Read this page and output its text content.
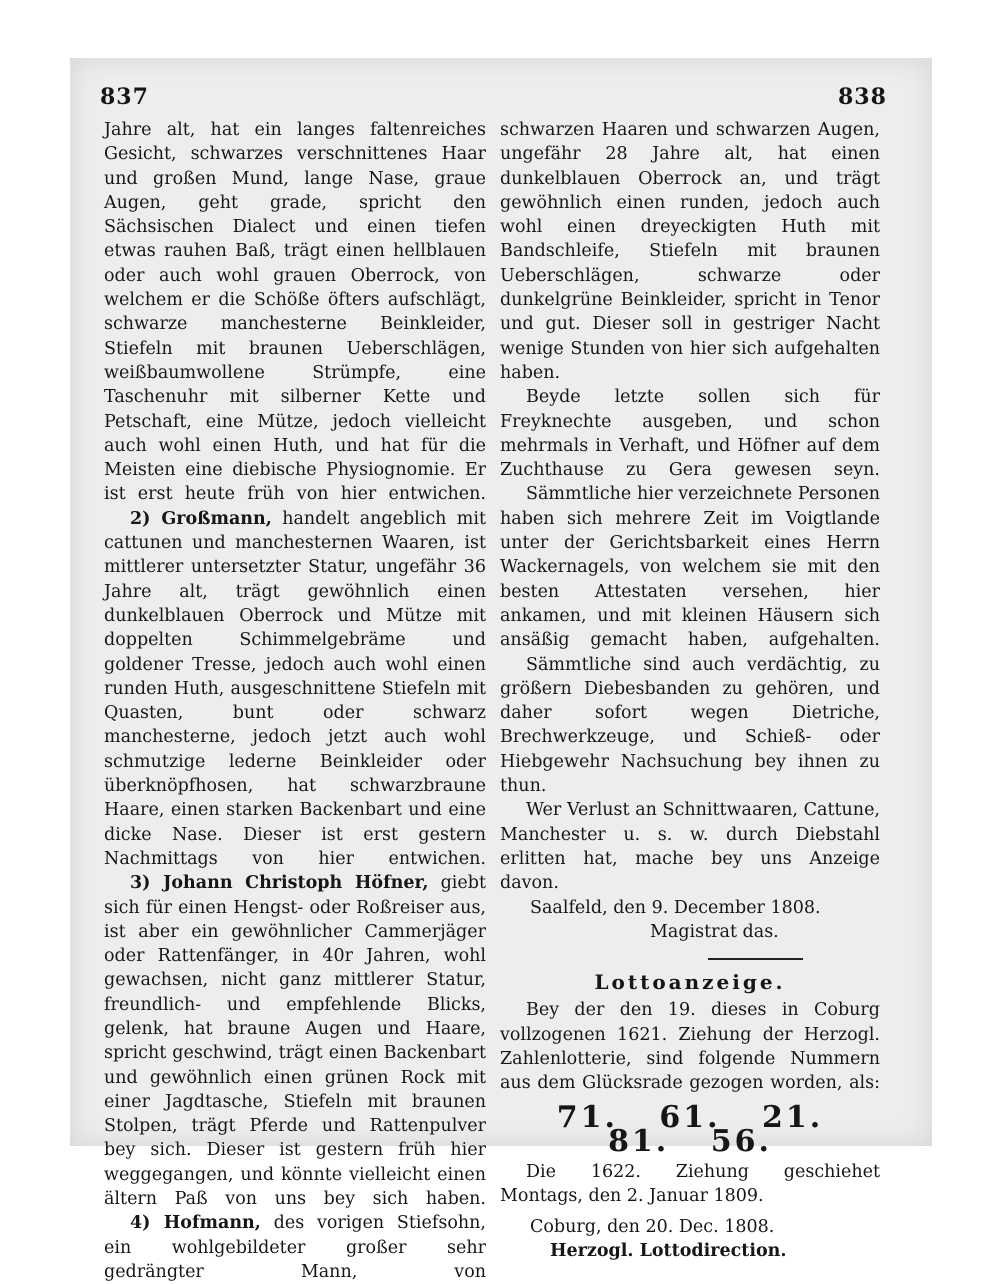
837	838

Jahre alt, hat ein langes faltenreiches Gesicht, schwarzes verschnittenes Haar und großen Mund, lange Nase, graue Augen, geht grade, spricht den Sächsischen Dialect und einen tiefen etwas rauhen Baß, trägt einen hellblauen oder auch wohl grauen Oberrock, von welchem er die Schöße öfters aufschlägt, schwarze manchesterne Beinkleider, Stiefeln mit braunen Ueberschlägen, weißbaumwollene Strümpfe, eine Taschenuhr mit silberner Kette und Petschaft, eine Mütze, jedoch vielleicht auch wohl einen Huth, und hat für die Meisten eine diebische Physiognomie. Er ist erst heute früh von hier entwichen.

2) Großmann, handelt angeblich mit cattunen und manchesternen Waaren, ist mittlerer untersetzter Statur, ungefähr 36 Jahre alt, trägt gewöhnlich einen dunkelblauen Oberrock und Mütze mit doppelten Schimmelgebräme und goldener Tresse, jedoch auch wohl einen runden Huth, ausgeschnittene Stiefeln mit Quasten, bunt oder schwarz manchesterne, jedoch jetzt auch wohl schmutzige lederne Beinkleider oder überknöpfhosen, hat schwarzbraune Haare, einen starken Backenbart und eine dicke Nase. Dieser ist erst gestern Nachmittags von hier entwichen.

3) Johann Christoph Höfner, giebt sich für einen Hengst- oder Roßreiser aus, ist aber ein gewöhnlicher Cammerjäger oder Rattenfänger, in 40r Jahren, wohl gewachsen, nicht ganz mittlerer Statur, freundlich- und empfehlende Blicks, gelenk, hat braune Augen und Haare, spricht geschwind, trägt einen Backenbart und gewöhnlich einen grünen Rock mit einer Jagdtasche, Stiefeln mit braunen Stolpen, trägt Pferde und Rattenpulver bey sich. Dieser ist gestern früh hier weggegangen, und könnte vielleicht einen ältern Paß von uns bey sich haben.

4) Hofmann, des vorigen Stiefsohn, ein wohlgebildeter großer sehr gedrängter Mann, von

schwarzen Haaren und schwarzen Augen, ungefähr 28 Jahre alt, hat einen dunkelblauen Oberrock an, und trägt gewöhnlich einen runden, jedoch auch wohl einen dreyeckigten Huth mit Bandschleife, Stiefeln mit braunen Ueberschlägen, schwarze oder dunkelgrüne Beinkleider, spricht in Tenor und gut. Dieser soll in gestriger Nacht wenige Stunden von hier sich aufgehalten haben.

Beyde letzte sollen sich für Freyknechte ausgeben, und schon mehrmals in Verhaft, und Höfner auf dem Zuchthause zu Gera gewesen seyn.

Sämmtliche hier verzeichnete Personen haben sich mehrere Zeit im Voigtlande unter der Gerichtsbarkeit eines Herrn Wackernagels, von welchem sie mit den besten Attestaten versehen, hier ankamen, und mit kleinen Häusern sich ansäßig gemacht haben, aufgehalten.

Sämmtliche sind auch verdächtig, zu größern Diebesbanden zu gehören, und daher sofort wegen Dietriche, Brechwerkzeuge, und Schieß- oder Hiebgewehr Nachsuchung bey ihnen zu thun.

Wer Verlust an Schnittwaaren, Cattune, Manchester u. s. w. durch Diebstahl erlitten hat, mache bey uns Anzeige davon.

Saalfeld, den 9. December 1808.

Magistrat das.

Lottoanzeige.

Bey der den 19. dieses in Coburg vollzogenen 1621. Ziehung der Herzogl. Zahlenlotterie, sind folgende Nummern aus dem Glücksrade gezogen worden, als:

71. 61. 21. 81. 56.

Die 1622. Ziehung geschiehet Montags, den 2. Januar 1809.

Coburg, den 20. Dec. 1808.

Herzogl. Lottodirection.
